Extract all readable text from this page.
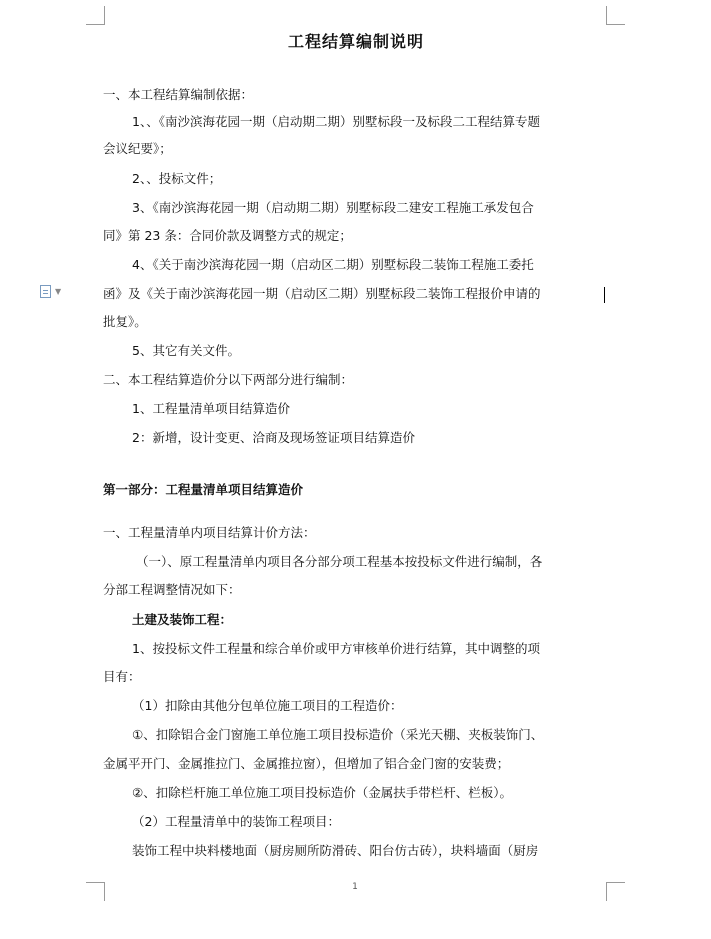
▼
工程结算编制说明
一、本工程结算编制依据：
1、、《南沙滨海花园一期（启动期二期）别墅标段一及标段二工程结算专题
会议纪要》；
2、、投标文件；
3、《南沙滨海花园一期（启动期二期）别墅标段二建安工程施工承发包合
同》第 23 条：合同价款及调整方式的规定；
4、《关于南沙滨海花园一期（启动区二期）别墅标段二装饰工程施工委托
函》及《关于南沙滨海花园一期（启动区二期）别墅标段二装饰工程报价申请的
批复》。
5、其它有关文件。
二、本工程结算造价分以下两部分进行编制：
1、工程量清单项目结算造价
2：新增，设计变更、洽商及现场签证项目结算造价
第一部分：工程量清单项目结算造价
一、工程量清单内项目结算计价方法：
（一）、原工程量清单内项目各分部分项工程基本按投标文件进行编制，各
分部工程调整情况如下：
土建及装饰工程：
1、按投标文件工程量和综合单价或甲方审核单价进行结算，其中调整的项
目有：
（1）扣除由其他分包单位施工项目的工程造价：
①、扣除铝合金门窗施工单位施工项目投标造价（采光天棚、夹板装饰门、
金属平开门、金属推拉门、金属推拉窗），但增加了铝合金门窗的安装费；
②、扣除栏杆施工单位施工项目投标造价（金属扶手带栏杆、栏板）。
（2）工程量清单中的装饰工程项目：
装饰工程中块料楼地面（厨房厕所防滑砖、阳台仿古砖），块料墙面（厨房
1
